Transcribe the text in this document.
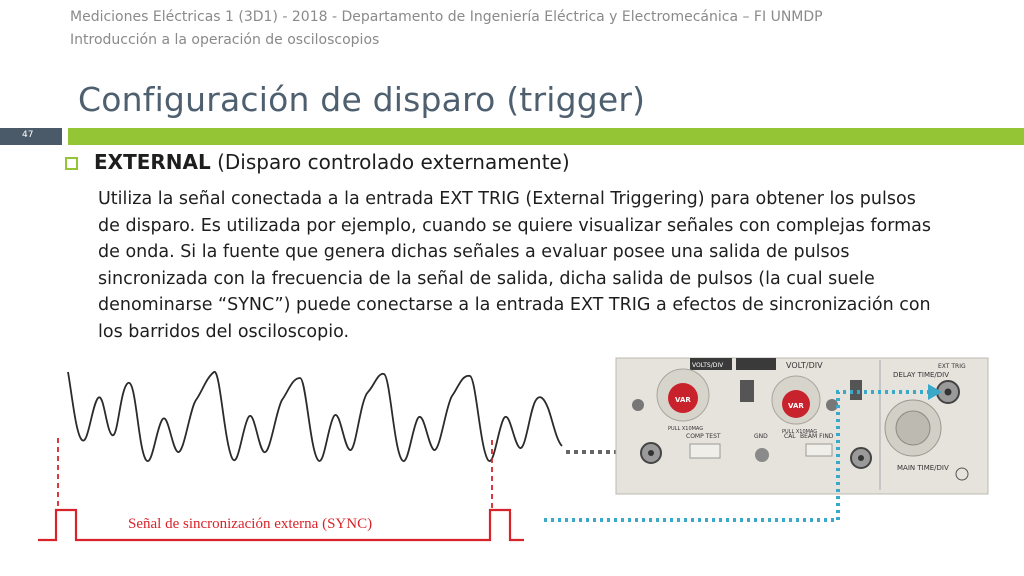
Mediciones Eléctricas 1 (3D1) - 2018 - Departamento de Ingeniería Eléctrica y Electromecánica – FI UNMDP
Introducción a la operación de osciloscopios
Configuración de disparo (trigger)
47
EXTERNAL (Disparo controlado externamente)
Utiliza la señal conectada a la entrada EXT TRIG (External Triggering) para obtener los pulsos
de disparo. Es utilizada por ejemplo, cuando se quiere visualizar señales con complejas formas
de onda. Si la fuente que genera dichas señales a evaluar posee una salida de pulsos
sincronizada con la frecuencia de la señal de salida, dicha salida de pulsos (la cual suele
denominarse “SYNC”) puede conectarse a la entrada EXT TRIG a efectos de sincronización con
los barridos del osciloscopio.
Señal de sincronización externa (SYNC)
VOLT/DIV
VOLTS/DIV
VAR
PULL X10MAG
VAR
PULL X10MAG
COMP TEST	GND	CAL BEAM FIND
DELAY TIME/DIV
EXT TRIG
MAIN TIME/DIV
